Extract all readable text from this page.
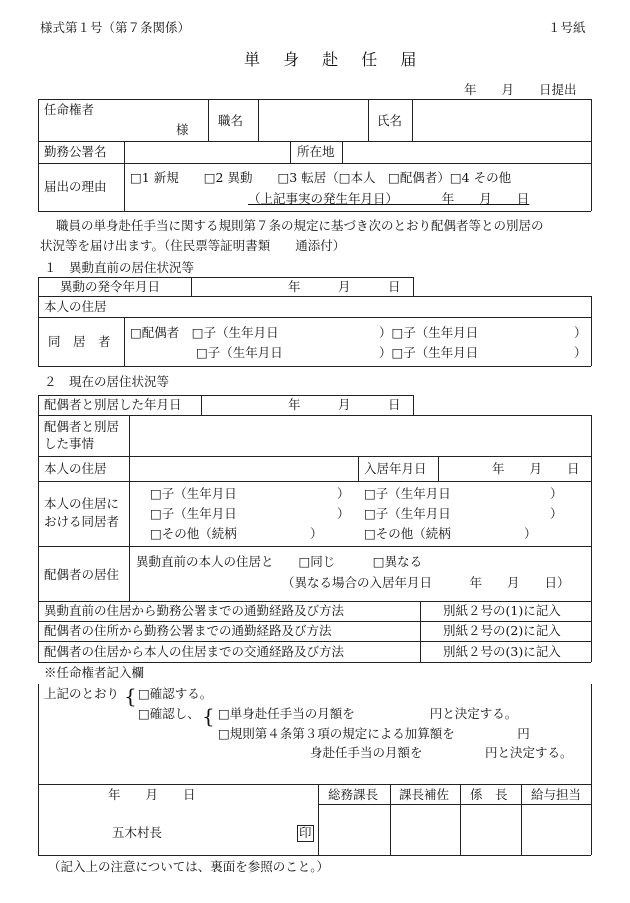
様式第１号（第７条関係）	１号紙
単 身 赴 任 届
年　　月　　日提出
任命権者
様
職名	氏名
勤務公署名	所在地
届出の理由
□1 新規　　□2 異動　　□3 転居（□本人　□配偶者）□4 その他
（上記事実の発生年月日）　　　　年　　月　　日
職員の単身赴任手当に関する規則第７条の規定に基づき次のとおり配偶者等との別居の
状況等を届け出ます。（住民票等証明書類　　通添付）
１　異動直前の居住状況等
異動の発令年月日	年　　　月　　　日
本人の住居
同　居　者
□配偶者　□子（生年月日	）□子（生年月日	）
□子（生年月日	）□子（生年月日	）
２　現在の居住状況等
配偶者と別居した年月日	年　　　月　　　日
配偶者と別居
した事情
本人の住居	入居年月日	年　　月　　日
本人の住居に
おける同居者
□子（生年月日	） □子（生年月日	）
□子（生年月日	） □子（生年月日	）
□その他（続柄	）	□その他（続柄	）
配偶者の居住
異動直前の本人の住居と　　□同じ　　　□異なる
（異なる場合の入居年月日　　　年　　月　　日）
異動直前の住居から勤務公署までの通勤経路及び方法	別紙２号の(1)に記入
配偶者の住所から勤務公署までの通勤経路及び方法	別紙２号の(2)に記入
配偶者の住居から本人の住居までの交通経路及び方法	別紙２号の(3)に記入
※任命権者記入欄
上記のとおり { □確認する。
□確認し、 { □単身赴任手当の月額を　　　　　　円と決定する。
□規則第４条第３項の規定による加算額を　　　　　円
身赴任手当の月額を　　　　　円と決定する。
年　　月　　日
五木村長	印
総務課長 課長補佐 係　長 給与担当
（記入上の注意については、裏面を参照のこと。）
